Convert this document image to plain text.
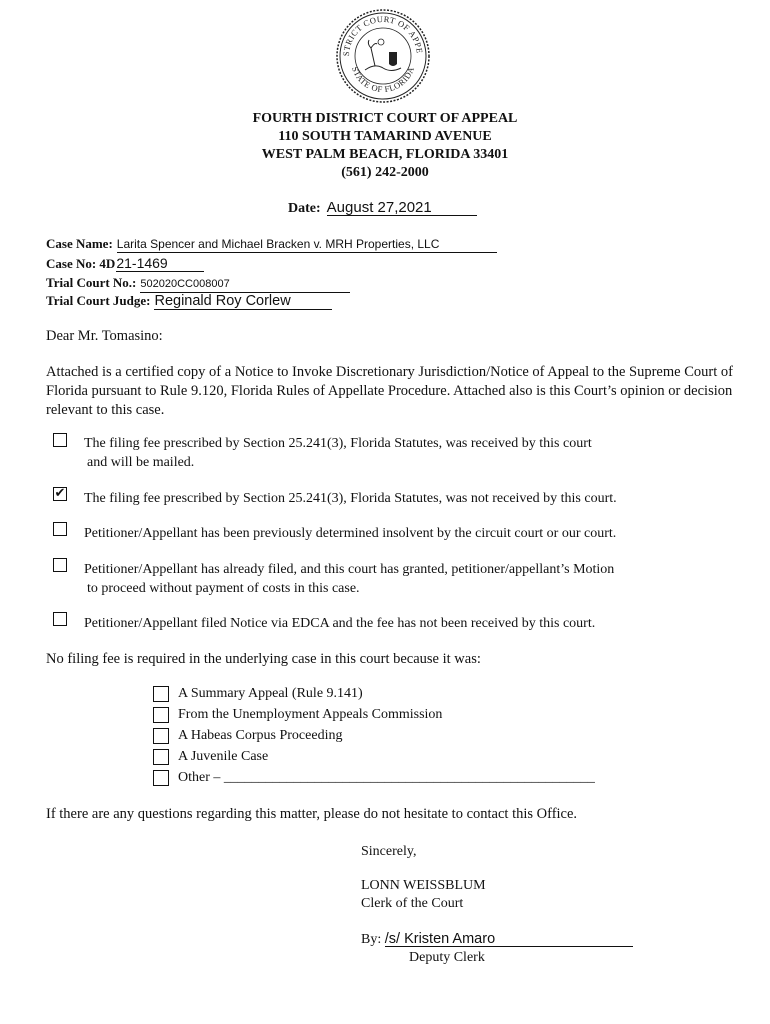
STRICT COURT OF APPE
STATE OF FLORIDA
FOURTH DISTRICT COURT OF APPEAL
110 SOUTH TAMARIND AVENUE
WEST PALM BEACH, FLORIDA 33401
(561) 242-2000
Date: August 27,2021
Case Name: Larita Spencer and Michael Bracken v. MRH Properties, LLC
Case No: 4D21-1469
Trial Court No.: 502020CC008007
Trial Court Judge: Reginald Roy Corlew
Dear Mr. Tomasino:
Attached is a certified copy of a Notice to Invoke Discretionary Jurisdiction/Notice of Appeal to the Supreme Court of Florida pursuant to Rule 9.120, Florida Rules of Appellate Procedure. Attached also is this Court’s opinion or decision relevant to this case.
The filing fee prescribed by Section 25.241(3), Florida Statutes, was received by this court
and will be mailed.
✔ The filing fee prescribed by Section 25.241(3), Florida Statutes, was not received by this court.
Petitioner/Appellant has been previously determined insolvent by the circuit court or our court.
Petitioner/Appellant has already filed, and this court has granted, petitioner/appellant’s Motion
to proceed without payment of costs in this case.
Petitioner/Appellant filed Notice via EDCA and the fee has not been received by this court.
No filing fee is required in the underlying case in this court because it was:
A Summary Appeal (Rule 9.141)
From the Unemployment Appeals Commission
A Habeas Corpus Proceeding
A Juvenile Case
Other – _____________________________________________________
If there are any questions regarding this matter, please do not hesitate to contact this Office.
Sincerely,
LONN WEISSBLUM
Clerk of the Court
By: /s/ Kristen Amaro
Deputy Clerk
